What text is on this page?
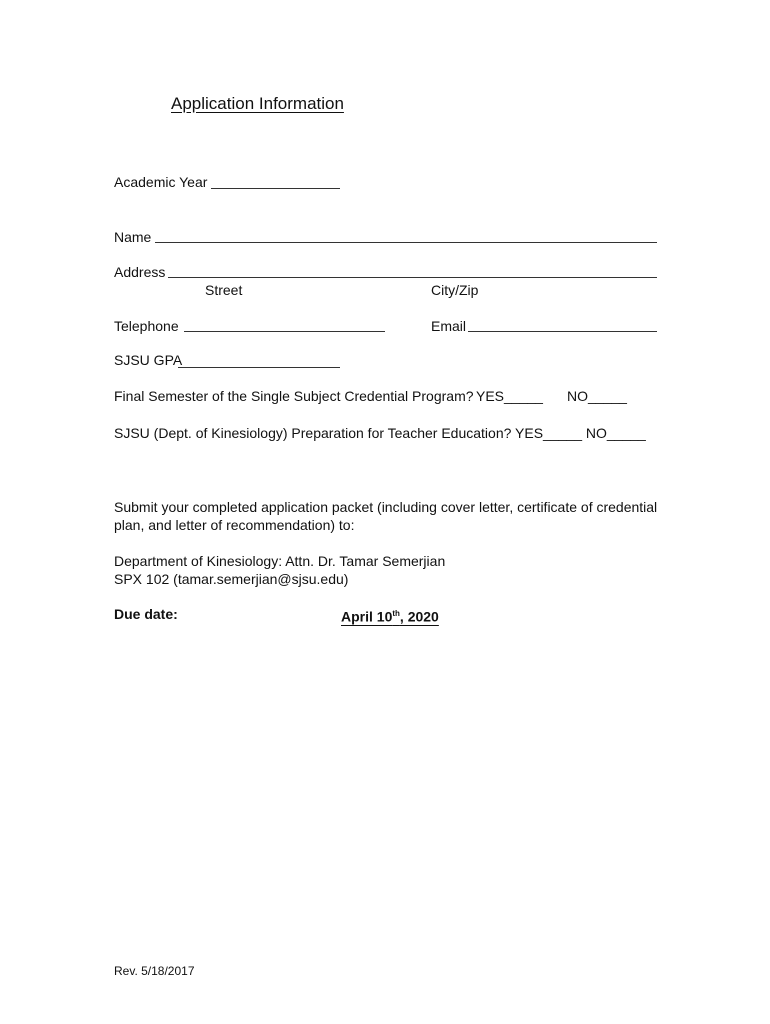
Application Information
Academic Year
Name
Address
Street	City/Zip
Telephone	Email
SJSU GPA
Final Semester of the Single Subject Credential Program? YES_____ NO_____
SJSU (Dept. of Kinesiology) Preparation for Teacher Education? YES_____ NO_____
Submit your completed application packet (including cover letter, certificate of credential
plan, and letter of recommendation) to:
Department of Kinesiology: Attn. Dr. Tamar Semerjian
SPX 102 (tamar.semerjian@sjsu.edu)
Due date:	April 10th, 2020
Rev. 5/18/2017
